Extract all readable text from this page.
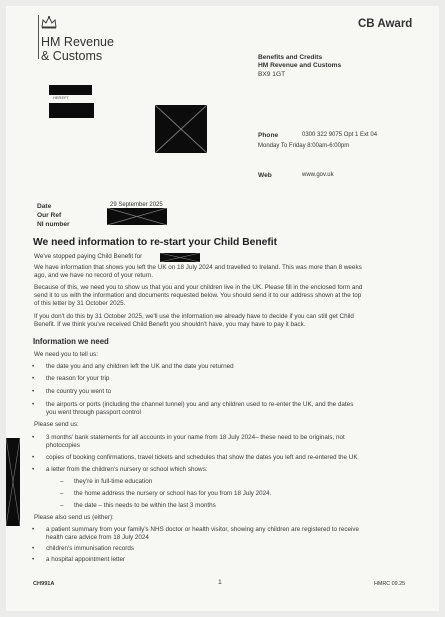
HM Revenue
& Customs
CB Award
Benefits and Credits
HM Revenue and Customs
BX9 1GT
HEREFT
Phone	0300 322 9075 Opt 1 Ext 04
Monday To Friday 8:00am-6:00pm
Web	www.gov.uk
Date	29 September 2025
Our Ref
NI number
We need information to re-start your Child Benefit
We've stopped paying Child Benefit for
We have information that shows you left the UK on 18 July 2024 and travelled to Ireland. This was more than 8 weeks
ago, and we have no record of your return.
Because of this, we need you to show us that you and your children live in the UK. Please fill in the enclosed form and
send it to us with the information and documents requested below. You should send it to our address shown at the top
of this letter by 31 October 2025.
If you don't do this by 31 October 2025, we'll use the information we already have to decide if you can still get Child
Benefit. If we think you've received Child Benefit you shouldn't have, you may have to pay it back.
Information we need
We need you to tell us:
• the date you and any children left the UK and the date you returned
• the reason for your trip
• the country you went to
• the airports or ports (including the channel tunnel) you and any children used to re-enter the UK, and the dates
you went through passport control
Please send us:
• 3 months' bank statements for all accounts in your name from 18 July 2024– these need to be originals, not
photocopies
• copies of booking confirmations, travel tickets and schedules that show the dates you left and re-entered the UK
• a letter from the children's nursery or school which shows:
– they're in full-time education
– the home address the nursery or school has for you from 18 July 2024.
– the date – this needs to be within the last 3 months
Please also send us (either):
• a patient summary from your family's NHS doctor or health visitor, showing any children are registered to receive
health care advice from 18 July 2024
• children's immunisation records
• a hospital appointment letter
CH991A	1	HMRC 09.25
